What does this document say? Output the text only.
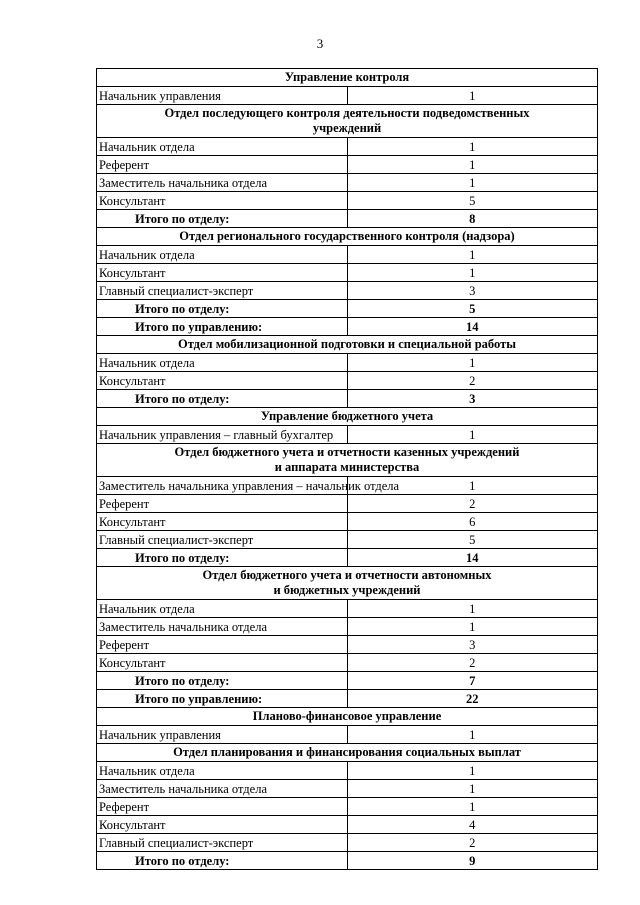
3
Управление контроля	
Начальник управления	1
Отдел последующего контроля деятельности подведомственных
учреждений	
Начальник отдела	1
Референт	1
Заместитель начальника отдела	1
Консультант	5
Итого по отделу:	8
Отдел регионального государственного контроля (надзора)	
Начальник отдела	1
Консультант	1
Главный специалист-эксперт	3
Итого по отделу:	5
Итого по управлению:	14
Отдел мобилизационной подготовки и специальной работы	
Начальник отдела	1
Консультант	2
Итого по отделу:	3
Управление бюджетного учета	
Начальник управления – главный бухгалтер	1
Отдел бюджетного учета и отчетности казенных учреждений
и аппарата министерства	
Заместитель начальника управления – начальник отдела	1
Референт	2
Консультант	6
Главный специалист-эксперт	5
Итого по отделу:	14
Отдел бюджетного учета и отчетности автономных
и бюджетных учреждений	
Начальник отдела	1
Заместитель начальника отдела	1
Референт	3
Консультант	2
Итого по отделу:	7
Итого по управлению:	22
Планово-финансовое управление	
Начальник управления	1
Отдел планирования и финансирования социальных выплат	
Начальник отдела	1
Заместитель начальника отдела	1
Референт	1
Консультант	4
Главный специалист-эксперт	2
Итого по отделу:	9
